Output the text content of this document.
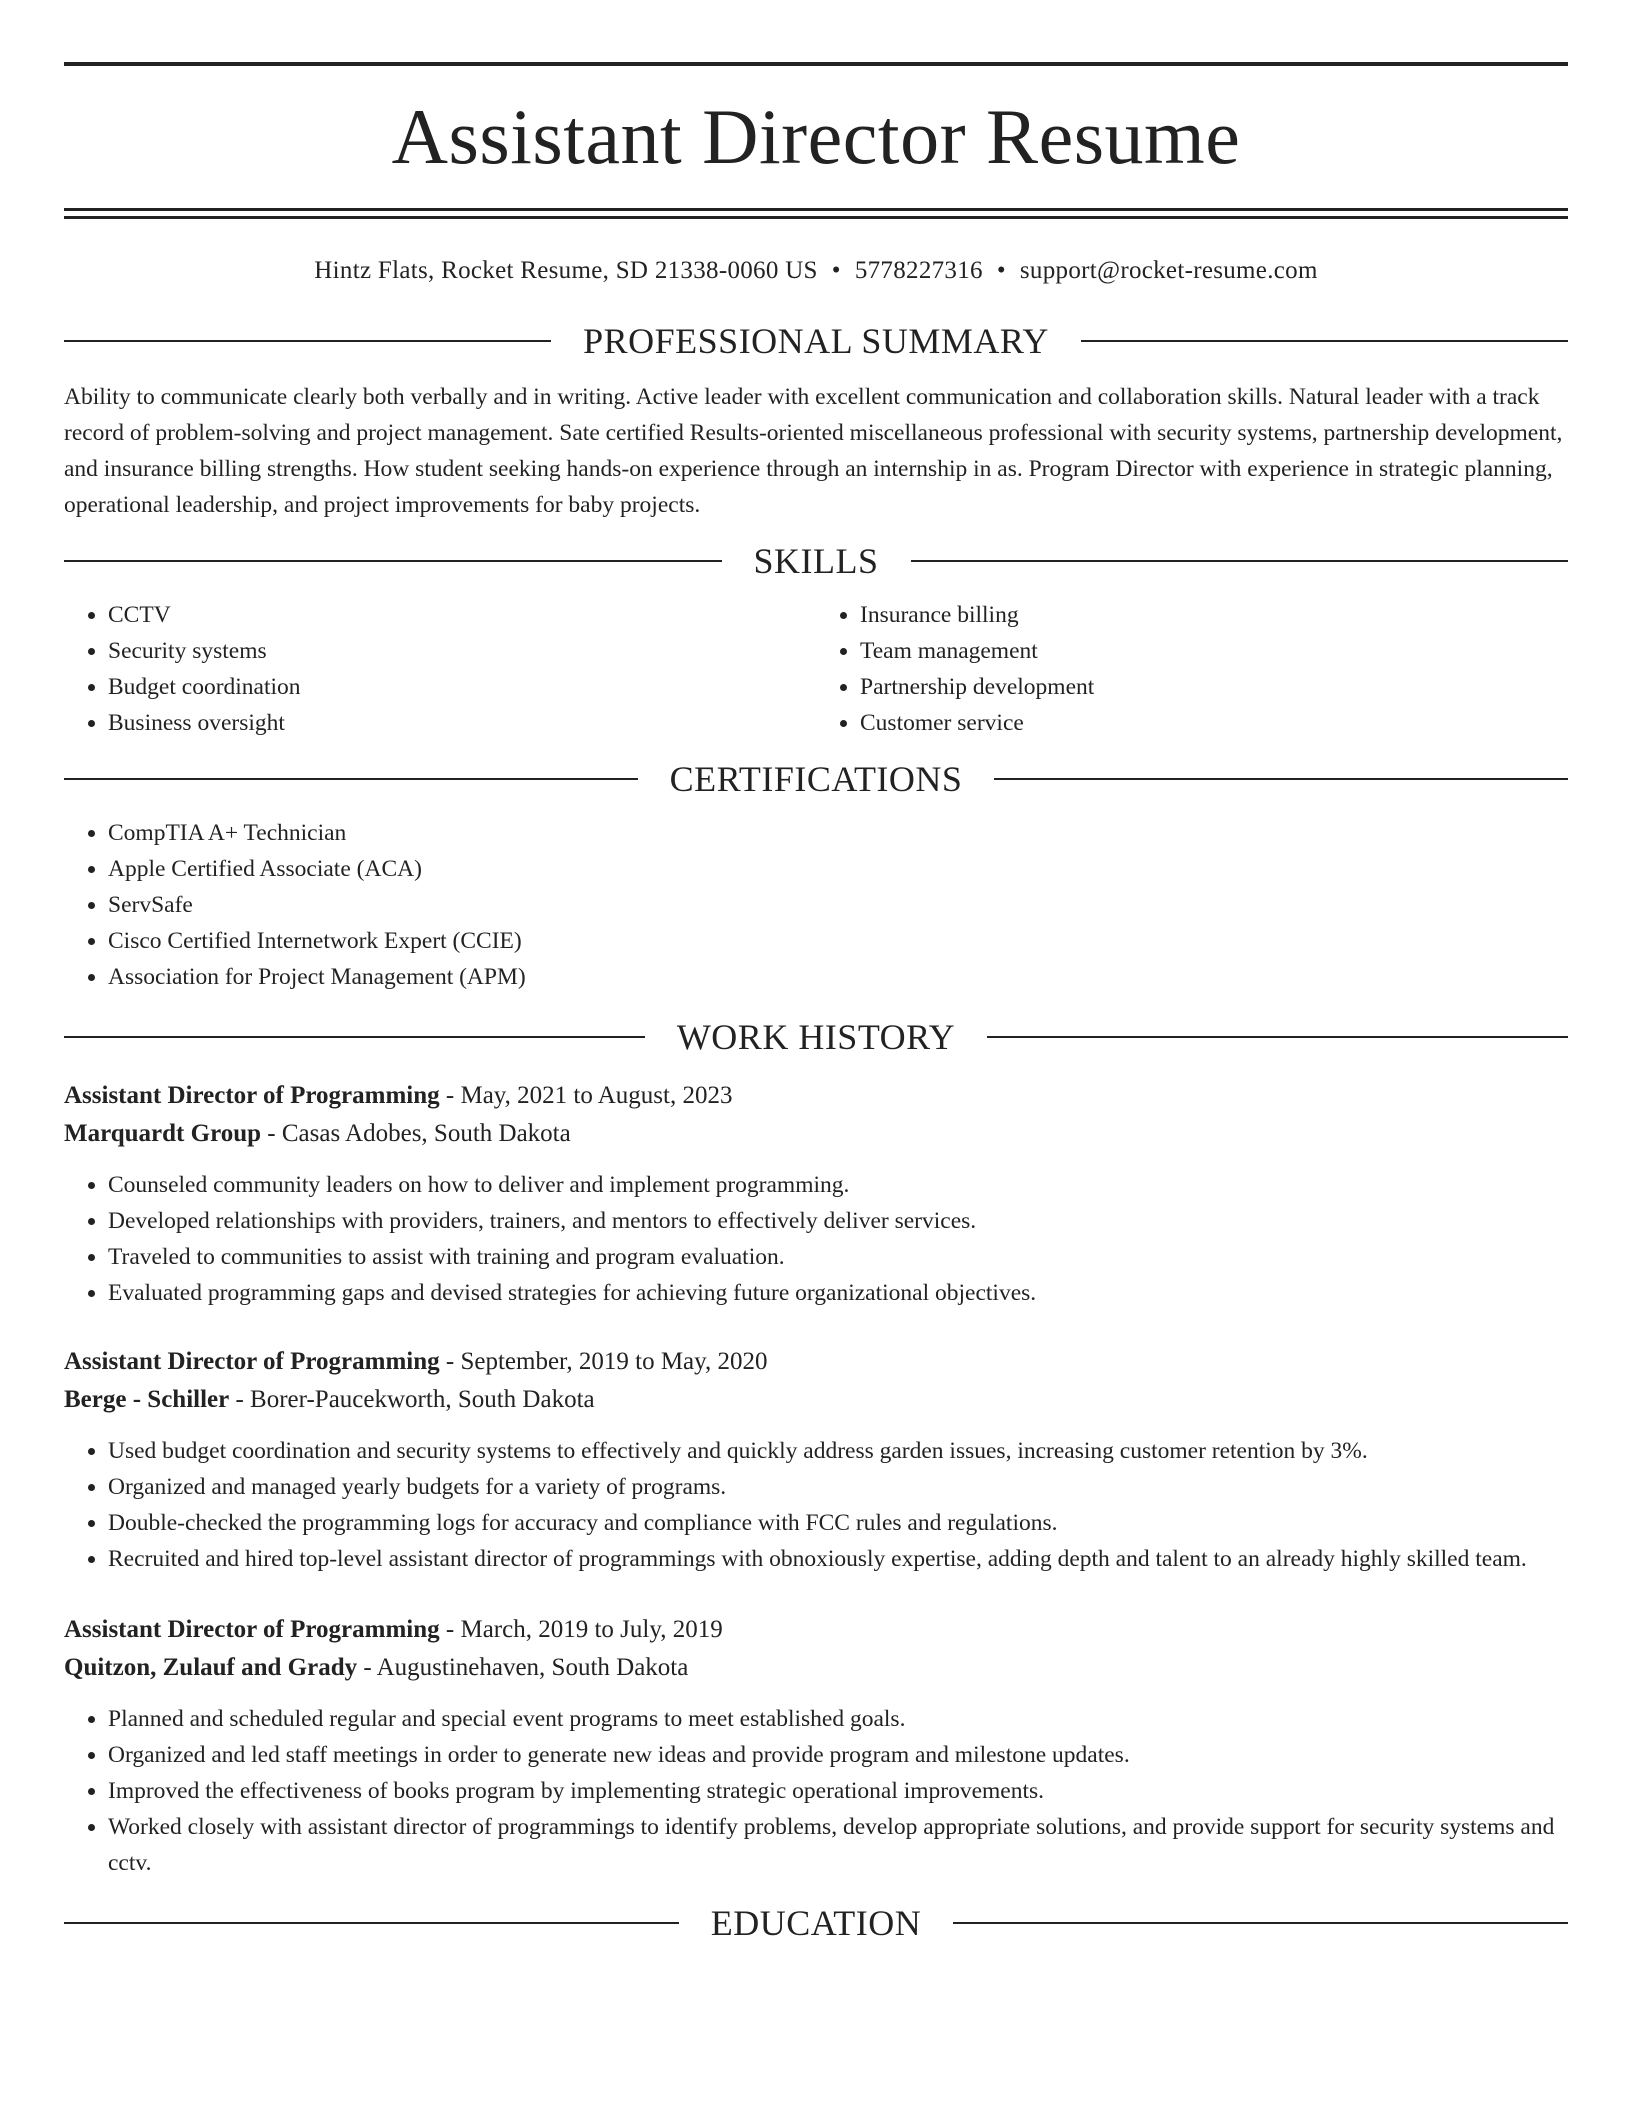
Assistant Director Resume
Hintz Flats, Rocket Resume, SD 21338-0060 US • 5778227316 • support@rocket-resume.com
PROFESSIONAL SUMMARY

Ability to communicate clearly both verbally and in writing. Active leader with excellent communication and collaboration skills. Natural leader with a track record of problem-solving and project management. Sate certified Results-oriented miscellaneous professional with security systems, partnership development, and insurance billing strengths. How student seeking hands-on experience through an internship in as. Program Director with experience in strategic planning, operational leadership, and project improvements for baby projects.

SKILLS
• CCTV
• Security systems
• Budget coordination
• Business oversight
• Insurance billing
• Team management
• Partnership development
• Customer service
CERTIFICATIONS
• CompTIA A+ Technician
• Apple Certified Associate (ACA)
• ServSafe
• Cisco Certified Internetwork Expert (CCIE)
• Association for Project Management (APM)
WORK HISTORY
Assistant Director of Programming - May, 2021 to August, 2023
Marquardt Group - Casas Adobes, South Dakota
• Counseled community leaders on how to deliver and implement programming.
• Developed relationships with providers, trainers, and mentors to effectively deliver services.
• Traveled to communities to assist with training and program evaluation.
• Evaluated programming gaps and devised strategies for achieving future organizational objectives.
Assistant Director of Programming - September, 2019 to May, 2020
Berge - Schiller - Borer-Paucekworth, South Dakota
• Used budget coordination and security systems to effectively and quickly address garden issues, increasing customer retention by 3%.
• Organized and managed yearly budgets for a variety of programs.
• Double-checked the programming logs for accuracy and compliance with FCC rules and regulations.
• Recruited and hired top-level assistant director of programmings with obnoxiously expertise, adding depth and talent to an already highly skilled team.
Assistant Director of Programming - March, 2019 to July, 2019
Quitzon, Zulauf and Grady - Augustinehaven, South Dakota
• Planned and scheduled regular and special event programs to meet established goals.
• Organized and led staff meetings in order to generate new ideas and provide program and milestone updates.
• Improved the effectiveness of books program by implementing strategic operational improvements.
• Worked closely with assistant director of programmings to identify problems, develop appropriate solutions, and provide support for security systems and cctv.
EDUCATION
